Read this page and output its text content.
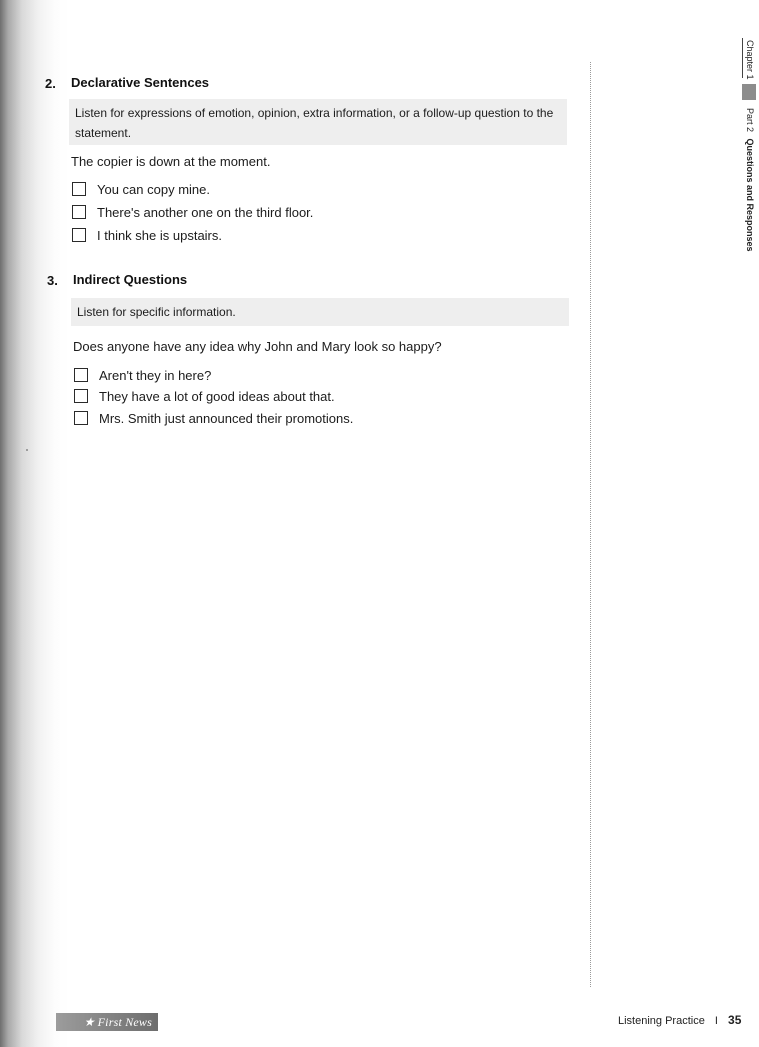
2. Declarative Sentences
Listen for expressions of emotion, opinion, extra information, or a follow-up question to the statement.
The copier is down at the moment.
You can copy mine.
There's another one on the third floor.
I think she is upstairs.
3. Indirect Questions
Listen for specific information.
Does anyone have any idea why John and Mary look so happy?
Aren't they in here?
They have a lot of good ideas about that.
Mrs. Smith just announced their promotions.
Chapter 1
Part 2 Questions and Responses
★ First News	Listening Practice I 35
